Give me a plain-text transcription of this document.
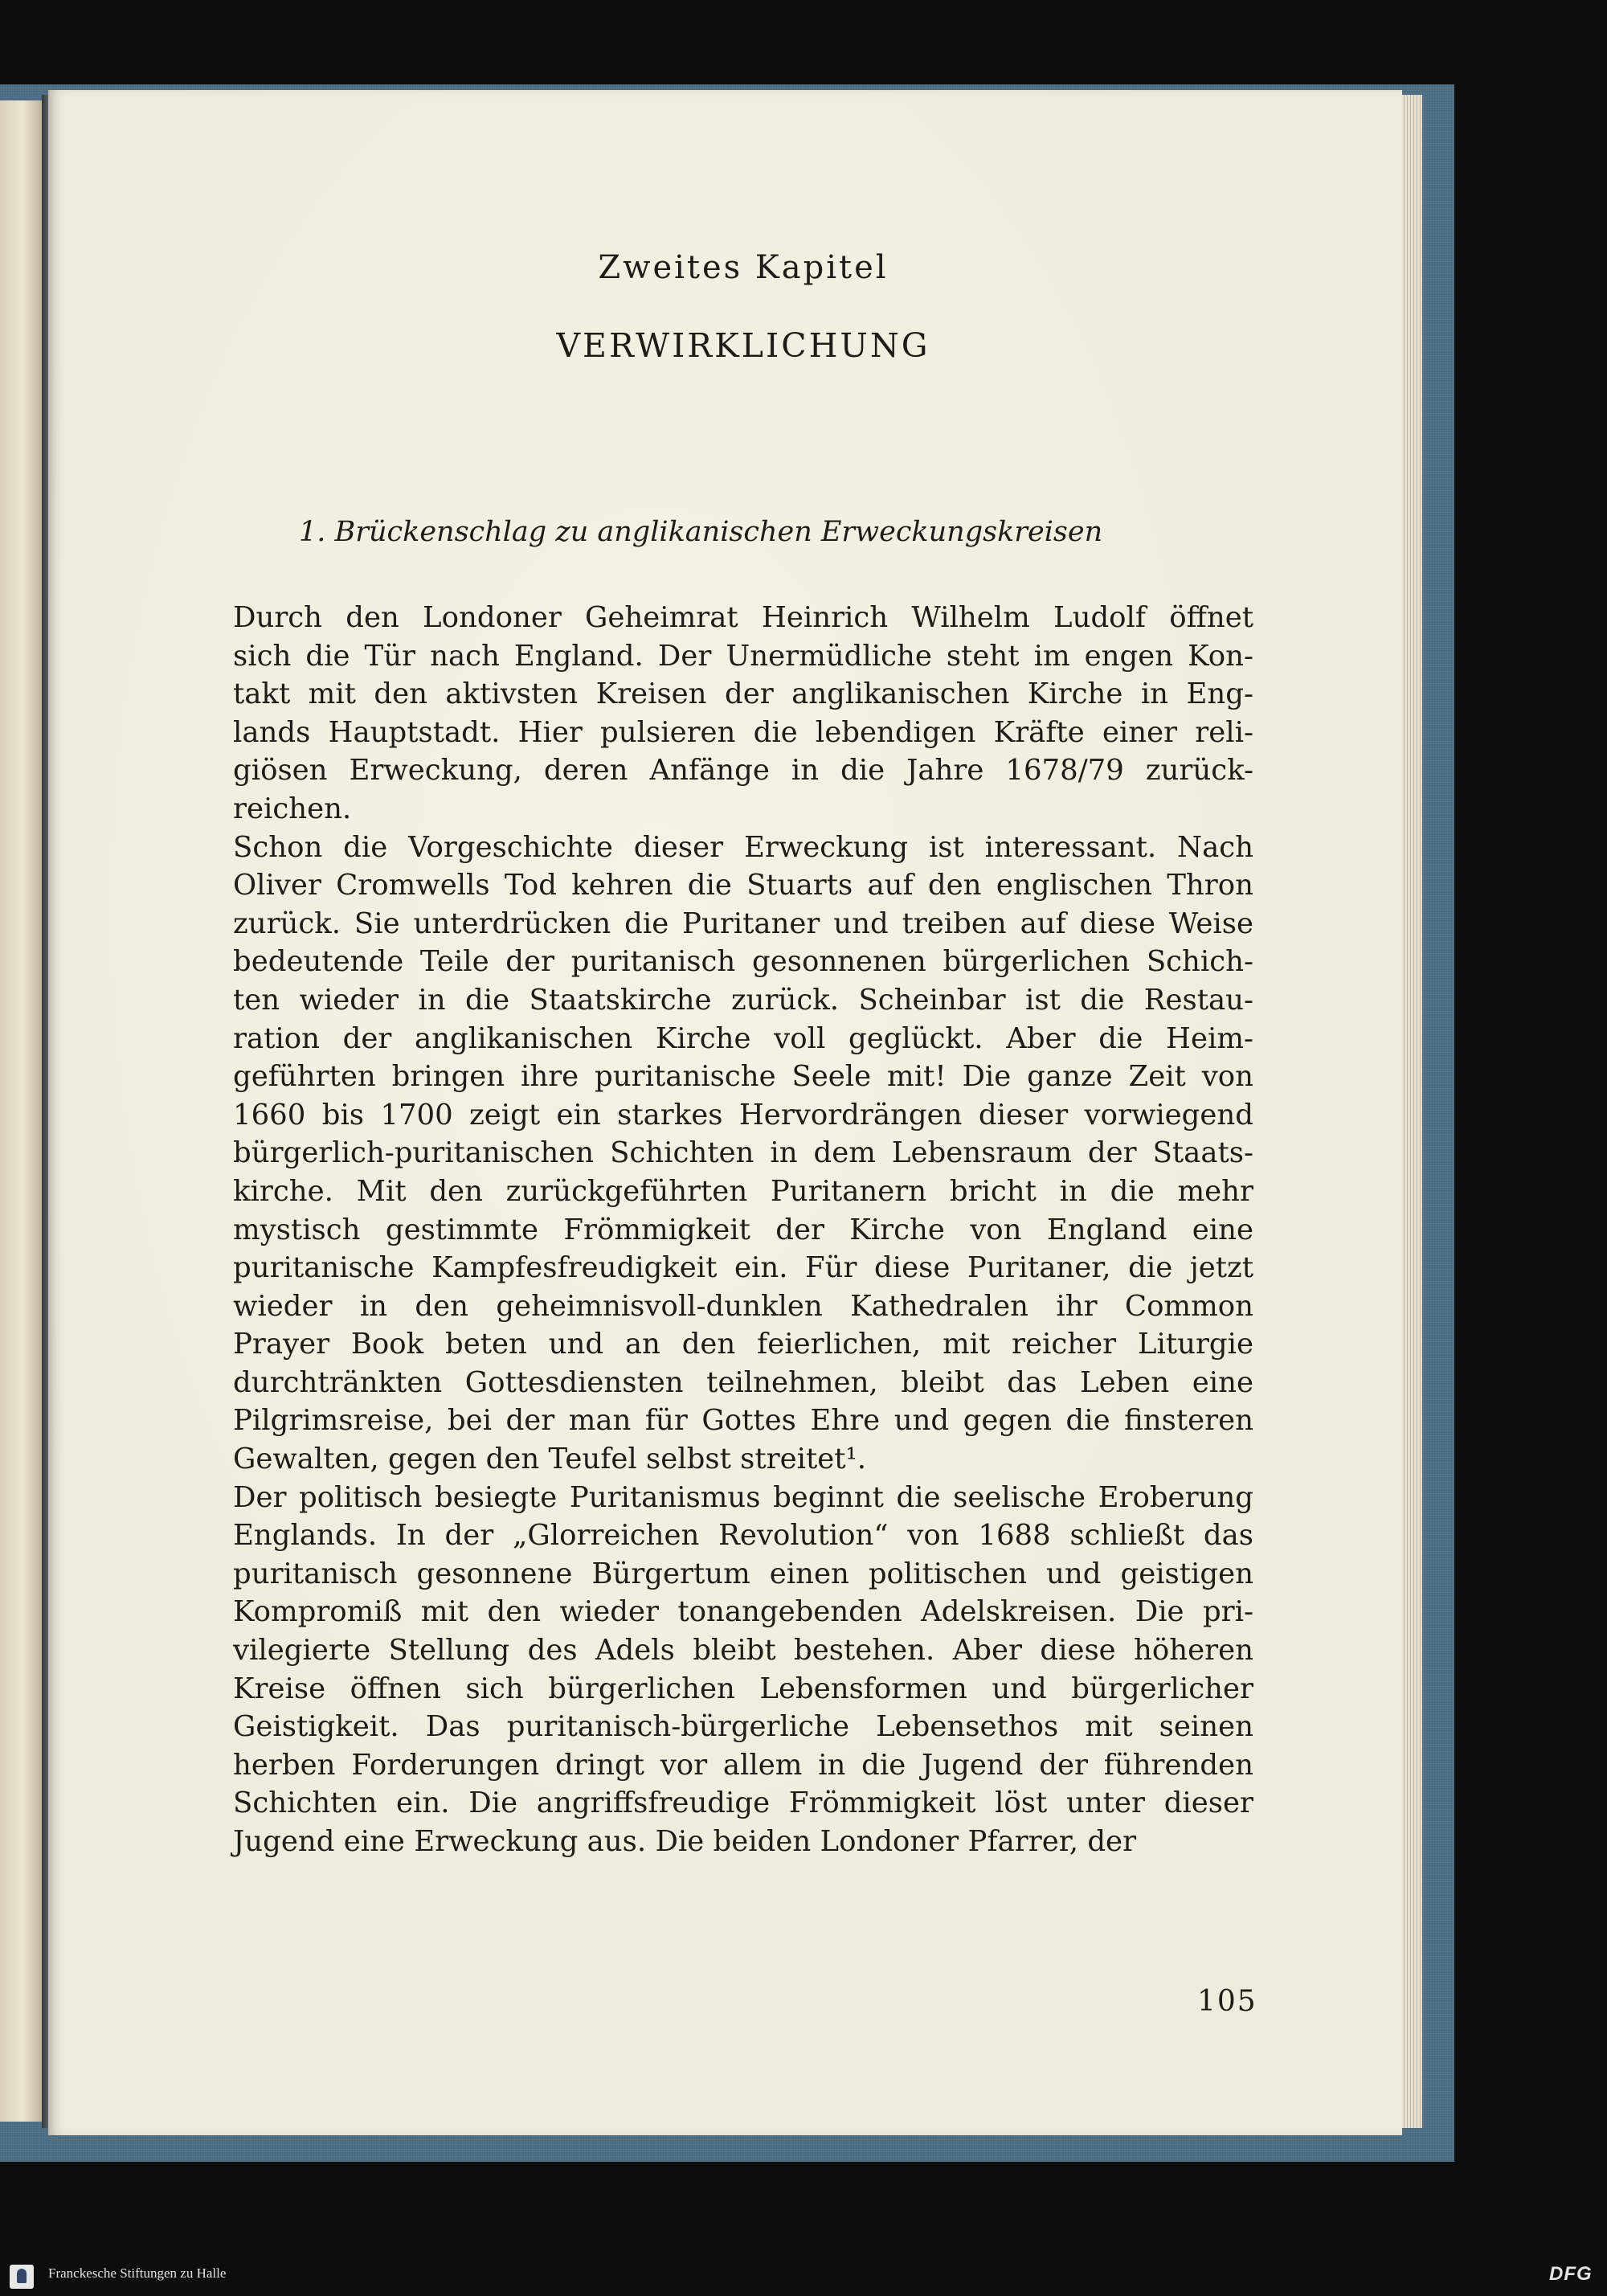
Zweites Kapitel
VERWIRKLICHUNG
1. Brückenschlag zu anglikanischen Erweckungskreisen
Durch den Londoner Geheimrat Heinrich Wilhelm Ludolf öffnet
sich die Tür nach England. Der Unermüdliche steht im engen Kon-
takt mit den aktivsten Kreisen der anglikanischen Kirche in Eng-
lands Hauptstadt. Hier pulsieren die lebendigen Kräfte einer reli-
giösen Erweckung, deren Anfänge in die Jahre 1678/79 zurück-
reichen.
Schon die Vorgeschichte dieser Erweckung ist interessant. Nach
Oliver Cromwells Tod kehren die Stuarts auf den englischen Thron
zurück. Sie unterdrücken die Puritaner und treiben auf diese Weise
bedeutende Teile der puritanisch gesonnenen bürgerlichen Schich-
ten wieder in die Staatskirche zurück. Scheinbar ist die Restau-
ration der anglikanischen Kirche voll geglückt. Aber die Heim-
geführten bringen ihre puritanische Seele mit! Die ganze Zeit von
1660 bis 1700 zeigt ein starkes Hervordrängen dieser vorwiegend
bürgerlich-puritanischen Schichten in dem Lebensraum der Staats-
kirche. Mit den zurückgeführten Puritanern bricht in die mehr
mystisch gestimmte Frömmigkeit der Kirche von England eine
puritanische Kampfesfreudigkeit ein. Für diese Puritaner, die jetzt
wieder in den geheimnisvoll-dunklen Kathedralen ihr Common
Prayer Book beten und an den feierlichen, mit reicher Liturgie
durchtränkten Gottesdiensten teilnehmen, bleibt das Leben eine
Pilgrimsreise, bei der man für Gottes Ehre und gegen die finsteren
Gewalten, gegen den Teufel selbst streitet¹.
Der politisch besiegte Puritanismus beginnt die seelische Eroberung
Englands. In der „Glorreichen Revolution“ von 1688 schließt das
puritanisch gesonnene Bürgertum einen politischen und geistigen
Kompromiß mit den wieder tonangebenden Adelskreisen. Die pri-
vilegierte Stellung des Adels bleibt bestehen. Aber diese höheren
Kreise öffnen sich bürgerlichen Lebensformen und bürgerlicher
Geistigkeit. Das puritanisch-bürgerliche Lebensethos mit seinen
herben Forderungen dringt vor allem in die Jugend der führenden
Schichten ein. Die angriffsfreudige Frömmigkeit löst unter dieser
Jugend eine Erweckung aus. Die beiden Londoner Pfarrer, der
105
Franckesche Stiftungen zu Halle	DFG
